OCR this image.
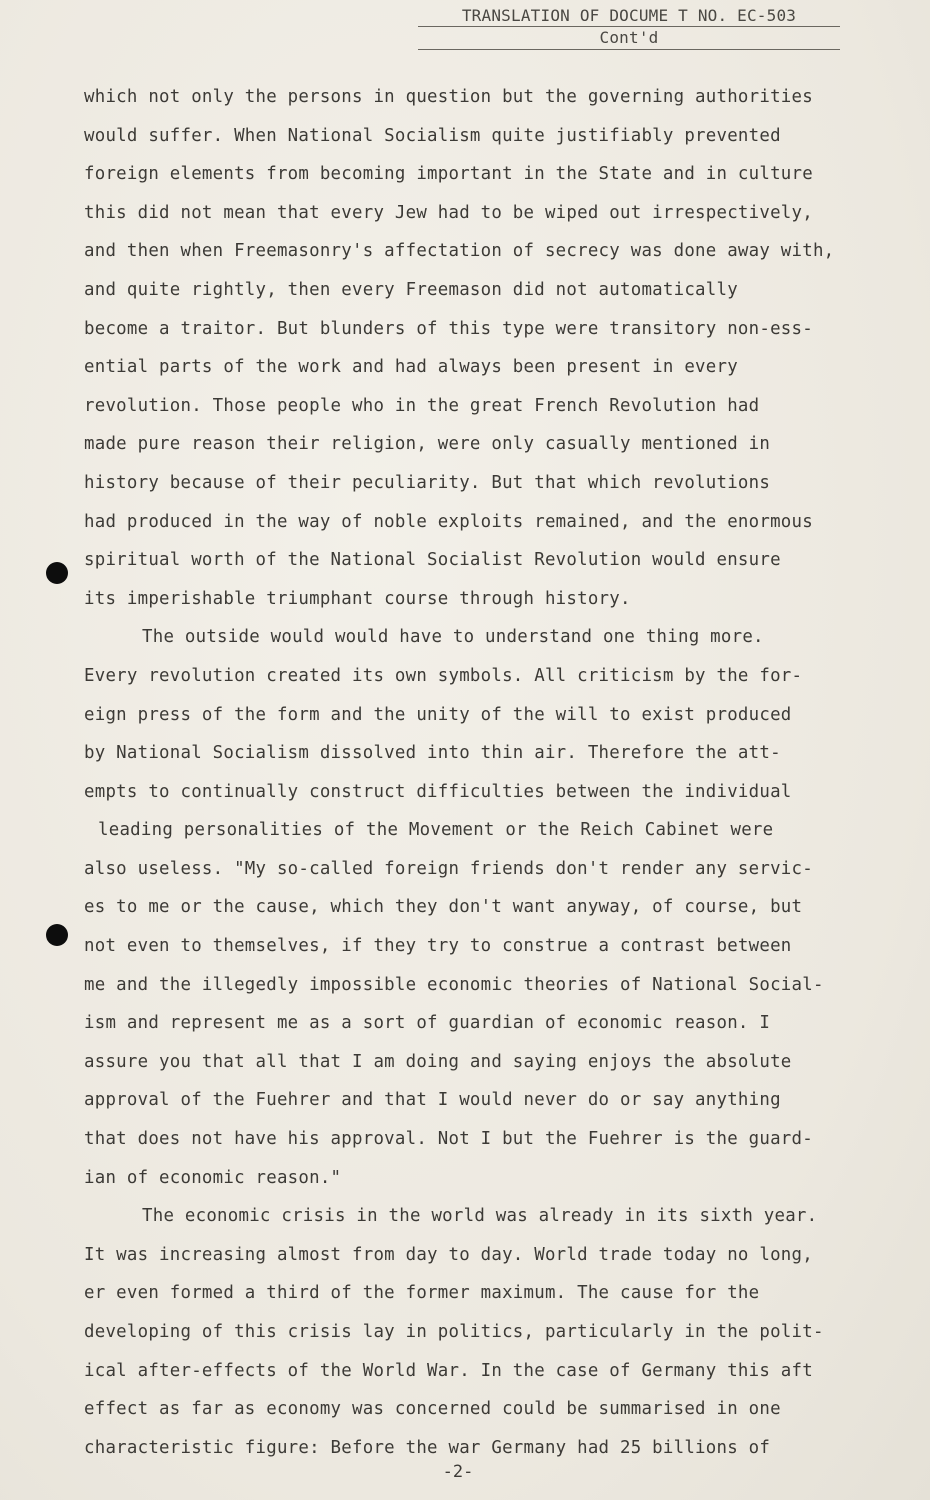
TRANSLATION OF DOCUME T NO. EC-503
Cont'd
which not only the persons in question but the governing authorities
would suffer. When National Socialism quite justifiably prevented
foreign elements from becoming important in the State and in culture
this did not mean that every Jew had to be wiped out irrespectively,
and then when Freemasonry's affectation of secrecy was done away with,
and quite rightly, then every Freemason did not automatically
become a traitor. But blunders of this type were transitory non-ess-
ential parts of the work and had always been present in every
revolution. Those people who in the great French Revolution had
made pure reason their religion, were only casually mentioned in
history because of their peculiarity. But that which revolutions
had produced in the way of noble exploits remained, and the enormous
spiritual worth of the National Socialist Revolution would ensure
its imperishable triumphant course through history.
The outside would would have to understand one thing more.
Every revolution created its own symbols. All criticism by the for-
eign press of the form and the unity of the will to exist produced
by National Socialism dissolved into thin air. Therefore the att-
empts to continually construct difficulties between the individual
leading personalities of the Movement or the Reich Cabinet were
also useless. "My so-called foreign friends don't render any servic-
es to me or the cause, which they don't want anyway, of course, but
not even to themselves, if they try to construe a contrast between
me and the illegedly impossible economic theories of National Social-
ism and represent me as a sort of guardian of economic reason. I
assure you that all that I am doing and saying enjoys the absolute
approval of the Fuehrer and that I would never do or say anything
that does not have his approval. Not I but the Fuehrer is the guard-
ian of economic reason."
The economic crisis in the world was already in its sixth year.
It was increasing almost from day to day. World trade today no long,
er even formed a third of the former maximum. The cause for the
developing of this crisis lay in politics, particularly in the polit-
ical after-effects of the World War. In the case of Germany this aft
effect as far as economy was concerned could be summarised in one
characteristic figure: Before the war Germany had 25 billions of
-2-
